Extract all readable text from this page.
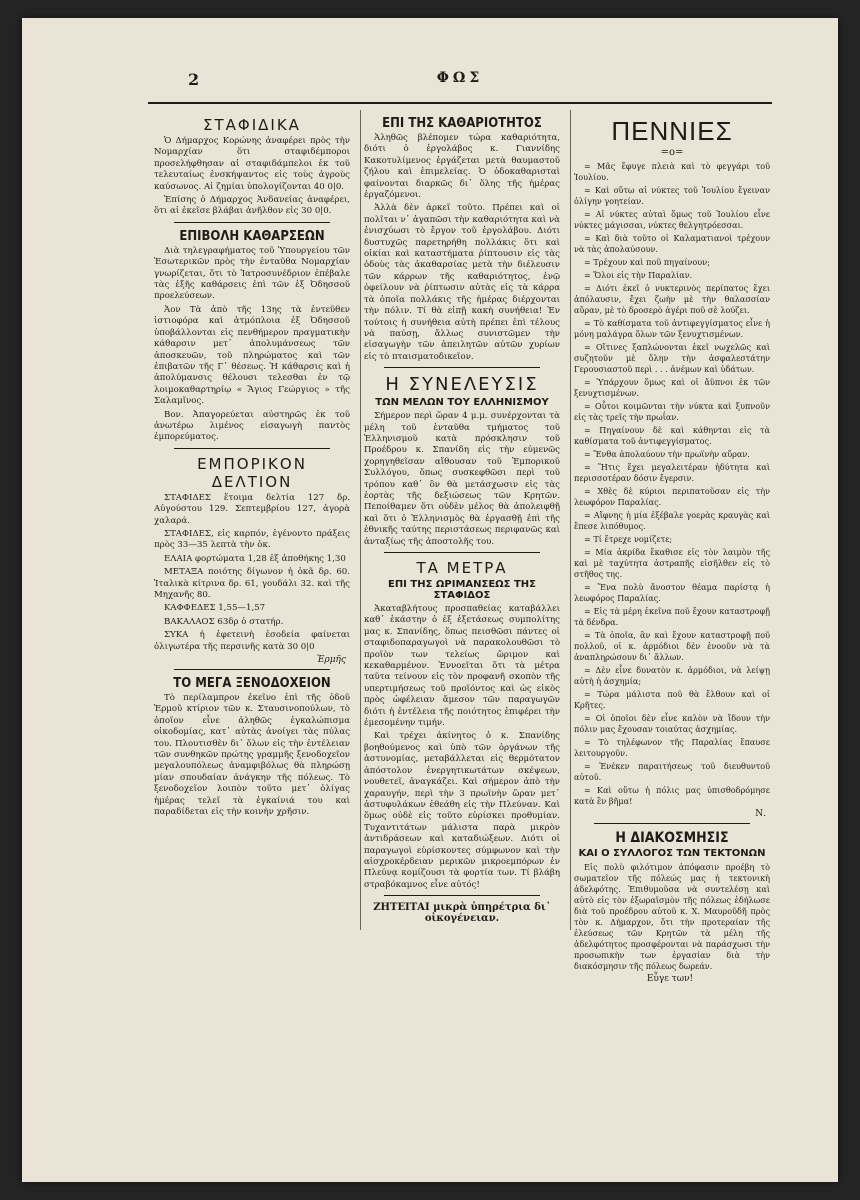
2	ΦΩΣ
ΣΤΑΦΙΔΙΚΑ

Ὁ Δήμαρχος Κορώνης ἀναφέρει πρὸς τὴν Νομαρχίαν ὅτι σταφιδέμποροι προσελήφθησαν αἱ σταφιδάμπελοι ἐκ τοῦ τελευταίως ἐνσκήψαντος εἰς τοὺς ἀγροὺς καύσωνος. Αἱ ζημίαι ὑπολογίζονται 40 0|0.

Ἐπίσης ὁ Δήμαρχος Ἀνδανείας ἀναφέρει, ὅτι αἱ ἐκεῖσε βλάβαι ἀνῆλθον εἰς 30 0|0.

ΕΠΙΒΟΛΗ ΚΑΘΑΡΣΕΩΝ

Διὰ τηλεγραφήματος τοῦ Ὑπουργείου τῶν Ἐσωτερικῶν πρὸς τὴν ἐνταῦθα Νομαρχίαν γνωρίζεται, ὅτι τὸ Ἰατροσυνέδριον ἐπέβαλε τὰς ἑξῆς καθάρσεις ἐπὶ τῶν ἐξ Ὀδησσοῦ προελεύσεων.

Ἀον Τὰ ἀπὸ τῆς 13ης τὰ ἐντεῦθεν ἱστιοφόρα καὶ ἀτμόπλοια ἐξ Ὀδησσοῦ ὑποβάλλονται εἰς πενθήμερον πραγματικὴν κάθαρσιν μετ᾽ ἀπολυμάνσεως τῶν ἀποσκευῶν, τοῦ πληρώματος καὶ τῶν ἐπιβατῶν τῆς Γ᾽ θέσεως. Ἡ κάθαρσις καὶ ἡ ἀπολύμανσις θέλουσι τελεσθαι ἐν τῷ λοιμοκαθαρτηρίῳ « Ἅγιος Γεώργιος » τῆς Σαλαμῖνος.

Βον. Ἀπαγορεύεται αὐστηρῶς ἐκ τοῦ ἀνωτέρω λιμένος εἰσαγωγὴ παντὸς ἐμπορεύματος.

ΕΜΠΟΡΙΚΟΝ ΔΕΛΤΙΟΝ

ΣΤΑΦΙΔΕΣ ἕτοιμα δελτία 127 δρ. Αὐγούστου 129. Σεπτεμβρίου 127, ἀγορὰ χαλαρά.

ΣΤΑΦΙΔΕΣ, εἰς καρπόν, ἐγένοντο πράξεις πρὸς 33—35 λεπτὰ τὴν ὀκ.

ΕΛΑΙΑ φορτώματα 1,28 ἐξ ἀποθήκης 1,30

ΜΕΤΑΞΑ ποιότης δίγωνον ἡ ὀκᾶ δρ. 60. Ἰταλικὰ κίτρινα δρ. 61, γουδάλι 32. καὶ τῆς Μηχανῆς 80.

ΚΑΦΦΕΔΕΣ 1,55—1,57

ΒΑΚΑΛΑΟΣ 63δρ ὁ στατήρ.

ΣΥΚΑ ἡ ἐφετεινὴ ἐσοδεία φαίνεται ὀλιγωτέρα τῆς περσινῆς κατὰ 30 0|0

Ἑρμῆς
ΤΟ ΜΕΓΑ ΞΕΝΟΔΟΧΕΙΟΝ

Τὸ περίλαμπρον ἐκεῖνο ἐπὶ τῆς ὁδοῦ Ἑρμοῦ κτίριον τῶν κ. Σταυσινοπούλων, τὸ ὁποῖον εἶνε ἀληθῶς ἐγκαλώπισμα οἰκοδομίας, κατ᾽ αὐτὰς ἀνοίγει τὰς πύλας του. Πλουτισθὲν δι᾽ ὅλων εἰς τὴν ἐντέλειαν τῶν συνθηκῶν πρώτης γραμμῆς ξενοδοχεῖον μεγαλουπόλεως ἀναμφιβόλως θὰ πληρώσῃ μίαν σπουδαίαν ἀνάγκην τῆς πόλεως. Τὸ ξενοδοχεῖον λοιπὸν τοῦτο μετ᾽ ὀλίγας ἡμέρας τελεῖ τὰ ἐγκαίνιά του καὶ παραδίδεται εἰς τὴν κοινὴν χρῆσιν.

ΕΠΙ ΤΗΣ ΚΑΘΑΡΙΟΤΗΤΟΣ

Ἀληθῶς βλέπομεν τώρα καθαριότητα, διότι ὁ ἐργολάβος κ. Γιαννίδης Κακοτυλίμενος ἐργάζεται μετὰ θαυμαστοῦ ζήλου καὶ ἐπιμελείας. Ὁ ὁδοκαθαρισταὶ φαίνονται διαρκῶς δι᾽ ὅλης τῆς ἡμέρας ἐργαζόμενοι.

Ἀλλὰ δὲν ἀρκεῖ τοῦτο. Πρέπει καὶ οἱ πολῖται ν᾽ ἀγαπῶσι τὴν καθαριότητα καὶ νὰ ἐνισχύωσι τὸ ἔργον τοῦ ἐργολάβου. Διότι δυστυχῶς παρετηρήθη πολλάκις ὅτι καὶ οἰκίαι καὶ καταστήματα ῥίπτουσιν εἰς τὰς ὁδοὺς τὰς ἀκαθαρσίας μετὰ τὴν διέλευσιν τῶν κάρρων τῆς καθαριότητος, ἐνῷ ὀφείλουν νὰ ῥίπτωσιν αὐτὰς εἰς τὰ κάρρα τὰ ὁποῖα πολλάκις τῆς ἡμέρας διέρχονται τὴν πόλιν. Τί θὰ εἰπῇ κακὴ συνήθεια! Ἐν τούτοις ἡ συνήθεια αὐτὴ πρέπει ἐπὶ τέλους νὰ παύσῃ, ἄλλως συνιστῶμεν τὴν εἰσαγωγὴν τῶν ἀπειλητῶν αὐτῶν χυρίων εἰς τὸ πταισματοδικεῖον.

Η ΣΥΝΕΛΕΥΣΙΣ
ΤΩΝ ΜΕΛΩΝ ΤΟΥ ΕΛΛΗΝΙΣΜΟΥ

Σήμερον περὶ ὥραν 4 μ.μ. συνέρχονται τὰ μέλη τοῦ ἐνταῦθα τμήματος τοῦ Ἑλληνισμοῦ κατὰ πρόσκλησιν τοῦ Προέδρου κ. Σπανίδη εἰς τὴν εὐμενῶς χορηγηθεῖσαν αἴθουσαν τοῦ Ἐμπορικοῦ Συλλόγου, ὅπως συσκεφθῶσι περὶ τοῦ τρόπου καθ᾽ ὃν θὰ μετάσχωσιν εἰς τὰς ἑορτὰς τῆς δεξιώσεως τῶν Κρητῶν. Πεποίθαμεν ὅτι οὐδὲν μέλος θὰ ἀπολειφθῇ καὶ ὅτι ὁ Ἑλληνισμὸς θὰ ἐργασθῇ ἐπὶ τῆς ἐθνικῆς ταύτης περιστάσεως περιφανῶς καὶ ἀνταξίως τῆς ἀποστολῆς του.

ΤΑ ΜΕΤΡΑ
ΕΠΙ ΤΗΣ ΩΡΙΜΑΝΣΕΩΣ ΤΗΣ ΣΤΑΦΙΔΟΣ

Ἀκαταβλήτους προσπαθείας καταβάλλει καθ᾽ ἑκάστην ὁ ἐξ ἐξετάσεως συμπολίτης μας κ. Σπανίδης, ὅπως πεισθῶσι πάντες οἱ σταφιδοπαραγωγοὶ νὰ παρακολουθῶσι τὸ προϊὸν των τελείως ὥριμον καὶ κεκαθαρμένον. Ἐννοεῖται ὅτι τὰ μέτρα ταῦτα τείνουν εἰς τὸν προφανῆ σκοπὸν τῆς υπερτιμήσεως τοῦ προϊόντος καὶ ὡς εἰκὸς πρὸς ὠφέλειαν ἄμεσον τῶν παραγωγῶν διότι ἡ ἐντέλεια τῆς ποιότητος ἐπιφέρει τὴν ἐμεσομένην τιμήν.

Καὶ τρέχει ἀκίνητος ὁ κ. Σπανίδης βοηθούμενος καὶ ὑπὸ τῶν ὀργάνων τῆς ἀστυνομίας, μεταβάλλεται εἰς θερμότατον ἀπόστολον ἐνεργητικωτάτων σκέψεων, νουθετεῖ, ἀναγκάζει. Καὶ σήμερον ἀπὸ τὴν χαραυγήν, περὶ τὴν 3 πρωϊνὴν ὥραν μετ᾽ ἀστυφυλάκων ἐθεάθη εἰς τὴν Πλεύναν. Καὶ ὅμως οὐδὲ εἰς τοῦτο εὑρίσκει προθυμίαν. Τυχαντιτάτων μάλιστα παρὰ μικρὸν ἀντιδράσεων καὶ καταδιώξεων. Διότι οἱ παραγωγοὶ εὑρίσκοντες σύμφωνον καὶ τὴν αἰσχροκέρδειαν μερικῶν μικροεμπόρων ἐν Πλεύνᾳ κομίζουσι τὰ φορτία των. Τί βλάβη στραβόκαμνος εἶνε αὐτός!

ΖΗΤΕΙΤΑΙ μικρὰ ὑπηρέτρια δι᾽ οἰκογένειαν.
ΠΕΝΝΙΕΣ
=o=

= Μᾶς ἔφυγε πλειὰ καὶ τὸ φεγγάρι τοῦ Ἰουλίου.

= Καὶ οὕτω αἱ νύκτες τοῦ Ἰουλίου ἔγειναν ὀλίγην γοητείαν.

= Αἱ νύκτες αὐταὶ ὅμως τοῦ Ἰουλίου εἶνε νύκτες μάγισσαι, νύκτες θελγητρόεσσαι.

= Καὶ διὰ τοῦτο οἱ Καλαματιανοὶ τρέχουν νὰ τὰς ἀπολαύσουν.

= Τρέχουν καὶ ποῦ πηγαίνουν;

= Ὅλοι εἰς τὴν Παραλίαν.

= Διότι ἐκεῖ ὁ νυκτερινὸς περίπατος ἔχει ἀπόλαυσιν, ἔχει ζωὴν μὲ τὴν θαλασσίαν αὔραν, μὲ τὸ δροσερὸ ἀγέρι ποῦ σὲ λούζει.

= Τὸ καθίσματα τοῦ ἀντιφεγγίσματος εἶνε ἡ μόνη μαλάγρα ὅλων τῶν ξενυχτισμένων.

= Οἵτινες ξαπλώνονται ἐκεῖ νωχελῶς καὶ συζητοῦν μὲ ὅλην τὴν ἀσφαλεστάτην Γερουσιαστοῦ περὶ . . . ἀνέμων καὶ ὑδάτων.

= Ὑπάρχουν ὅμως καὶ οἱ ἄϋπνοι ἐκ τῶν ξενυχτισμένων.

= Οὗτοι κοιμῶνται τὴν νύκτα καὶ ξυπνοῦν εἰς τὰς τρεῖς τὴν πρωΐαν.

= Πηγαίνουν δὲ καὶ κάθηνται εἰς τὰ καθίσματα τοῦ ἀντιφεγγίσματος.

= Ἔνθα ἀπολαύουν τὴν πρωϊνὴν αὔραν.

= Ἥτις ἔχει μεγαλειτέραν ἡδύτητα καὶ περισσοτέραν δόσιν ἔγερσιν.

= Χθὲς δὲ κύριοι περιπατοῦσαν εἰς τὴν λεωφόρον Παραλίας.

= Αἴφνης ἡ μία ἐξέβαλε γοερὰς κραυγὰς καὶ ἔπεσε λιπόθυμος.

= Τί ἔτρεχε νομίζετε;

= Μία ἀκρίδα ἔκαθισε εἰς τὸν λαιμὸν τῆς καὶ μὲ ταχύτητα ἀστραπῆς εἰσῆλθεν εἰς τὸ στῆθος της.

= Ἕνα πολὺ ἄνοστον θέαμα παρίστᾳ ἡ λεωφόρος Παραλίας.

= Εἰς τὰ μέρη ἐκεῖνα ποῦ ἔχουν καταστροφῇ τὰ δένδρα.

= Τὰ ὁποῖα, ἂν καὶ ἔχουν καταστροφῇ ποῦ πολλοῦ, οἱ κ. ἁρμόδιοι δὲν ἐνοοῦν νὰ τὰ ἀναπληρώσουν δι᾽ ἄλλων.

= Δὲν εἶνε δυνατὸν κ. ἁρμόδιοι, νὰ λείψῃ αὐτὴ ἡ ἀσχημία;

= Τώρα μάλιστα ποῦ θὰ ἔλθουν καὶ οἱ Κρῆτες.

= Οἱ ὁποῖοι δὲν εἶνε καλὸν νὰ ἴδουν τὴν πόλιν μας ἔχουσαν τοιαύτας ἀσχημίας.

= Τὸ τηλέφωνον τῆς Παραλίας ἔπαυσε λειτουργοῦν.

= Ἐνέκεν παραιτήσεως τοῦ διευθυντοῦ αὐτοῦ.

= Καὶ οὕτω ἡ πόλις μας ὑπισθοδρόμησε κατὰ ἓν βῆμα!

Ν.
Η ΔΙΑΚΟΣΜΗΣΙΣ
ΚΑΙ Ο ΣΥΛΛΟΓΟΣ ΤΩΝ ΤΕΚΤΟΝΩΝ

Εἰς πολὺ φιλότιμον ἀπόφασιν προέβη τὸ σωματεῖον τῆς πόλεώς μας ἡ τεκτονικὴ ἀδελφότης. Ἐπιθυμοῦσα νὰ συντελέσῃ καὶ αὐτὸ εἰς τὸν ἐξωραϊσμὸν τῆς πόλεως ἐδήλωσε διὰ τοῦ προέδρου αὐτοῦ κ. Χ. Μαυροῦδῆ πρὸς τὸν κ. Δήμαρχον, ὅτι τὴν προτεραίαν τῆς ἐλεύσεως τῶν Κρητῶν τὰ μέλη τῆς ἀδελφότητος προσφέρονται νὰ παράσχωσι τὴν προσωπικὴν των ἐργασίαν διὰ τὴν διακόσμησιν τῆς πόλεως δωρεάν.

Εὖγε των!
